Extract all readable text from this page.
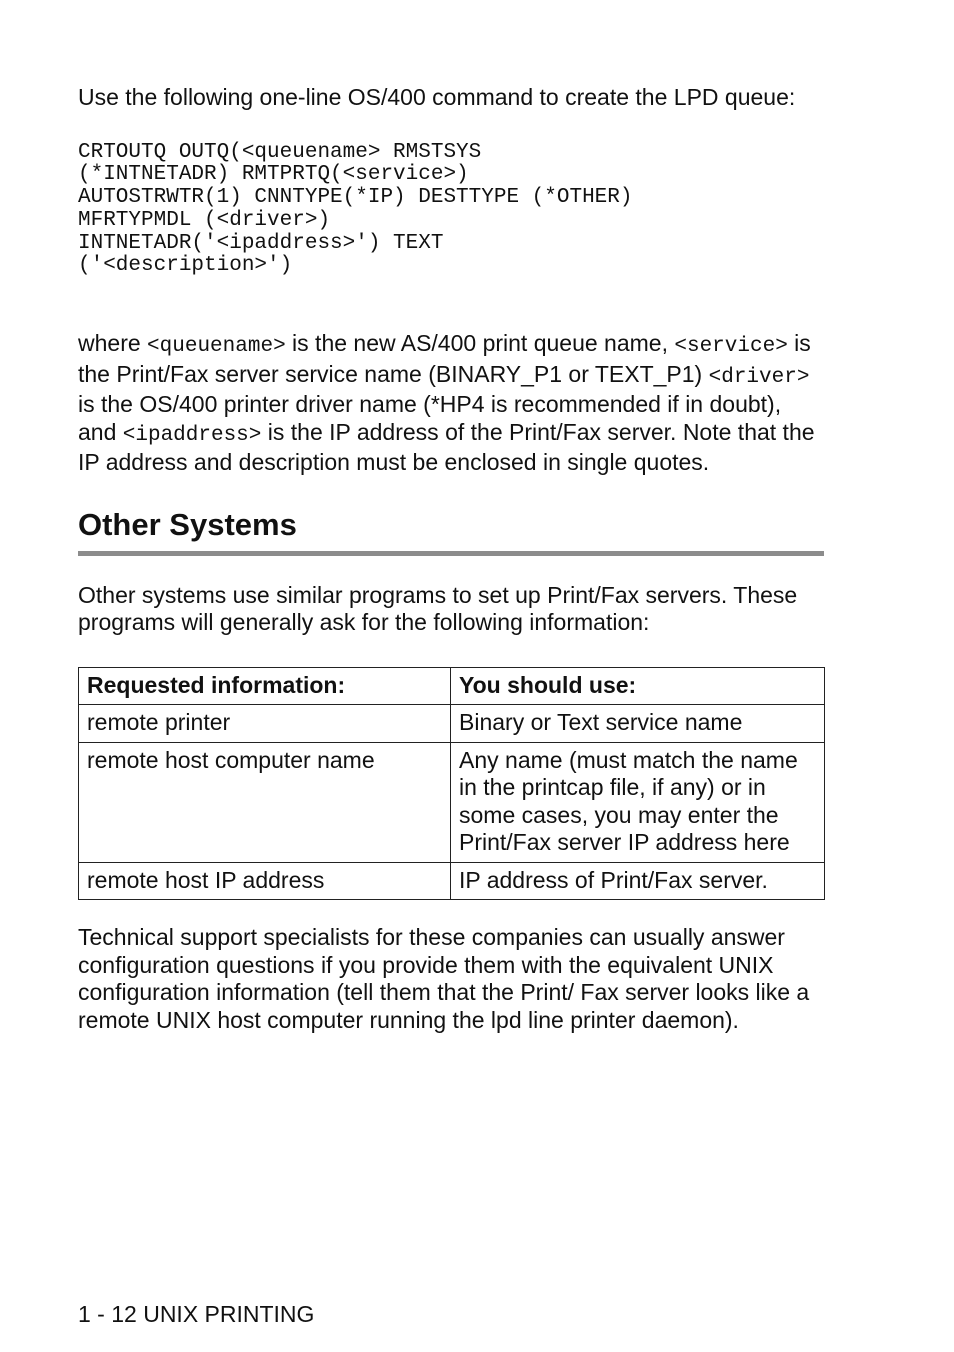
Use the following one-line OS/400 command to create the LPD queue:

CRTOUTQ OUTQ(<queuename> RMSTSYS
(*INTNETADR) RMTPRTQ(<service>)
AUTOSTRWTR(1) CNNTYPE(*IP) DESTTYPE (*OTHER)
MFRTYPMDL (<driver>)
INTNETADR('<ipaddress>') TEXT
('<description>')

where <queuename> is the new AS/400 print queue name, <service> is the Print/Fax server service name (BINARY_P1 or TEXT_P1) <driver> is the OS/400 printer driver name (*HP4 is recommended if in doubt), and <ipaddress> is the IP address of the Print/Fax server. Note that the IP address and description must be enclosed in single quotes.

Other Systems

Other systems use similar programs to set up Print/Fax servers. These programs will generally ask for the following information:

Requested information:	You should use:
remote printer	Binary or Text service name
remote host computer name	Any name (must match the name in the printcap file, if any) or in some cases, you may enter the Print/Fax server IP address here
remote host IP address	IP address of Print/Fax server.

Technical support specialists for these companies can usually answer configuration questions if you provide them with the equivalent UNIX configuration information (tell them that the Print/ Fax server looks like a remote UNIX host computer running the lpd line printer daemon).

1 - 12 UNIX PRINTING
